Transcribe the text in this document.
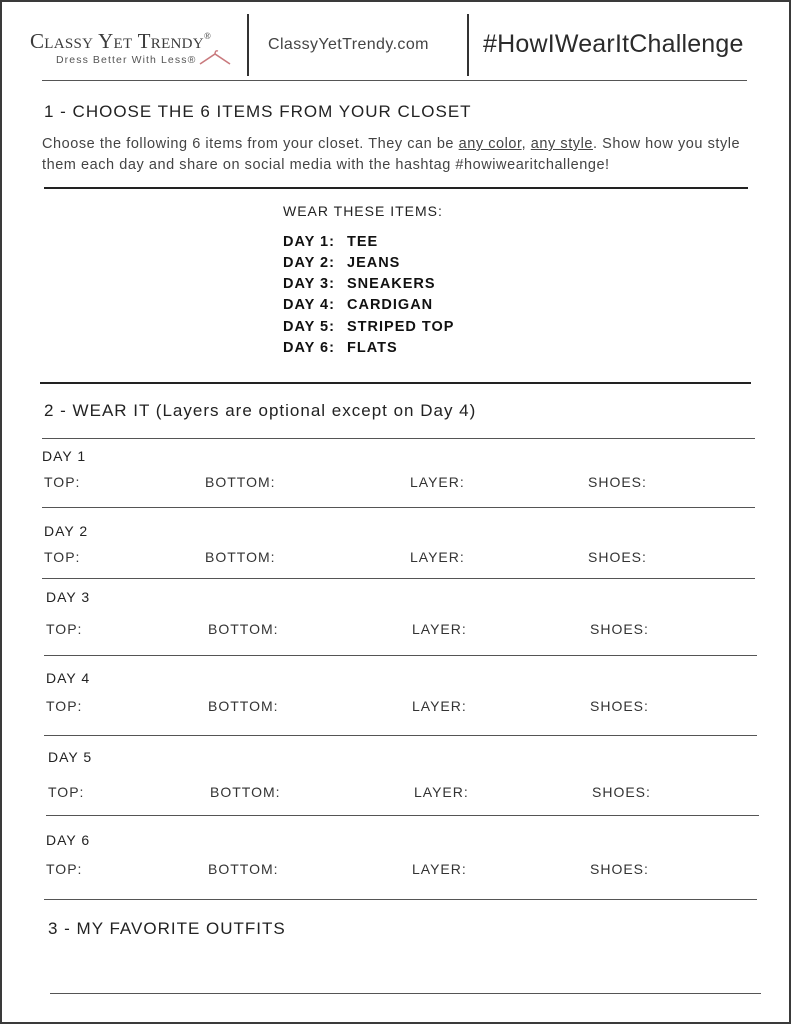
Classy Yet Trendy®
Dress Better With Less®
ClassyYetTrendy.com #HowIWearItChallenge
1 - CHOOSE THE 6 ITEMS FROM YOUR CLOSET
Choose the following 6 items from your closet. They can be any color, any style. Show how you style them each day and share on social media with the hashtag #howiwearitchallenge!
WEAR THESE ITEMS:
DAY 1: TEE
DAY 2: JEANS
DAY 3: SNEAKERS
DAY 4: CARDIGAN
DAY 5: STRIPED TOP
DAY 6: FLATS
2 - WEAR IT (Layers are optional except on Day 4)
DAY 1
TOP:	BOTTOM:	LAYER:	SHOES:
DAY 2
TOP:	BOTTOM:	LAYER:	SHOES:
DAY 3
TOP:	BOTTOM:	LAYER:	SHOES:
DAY 4
TOP:	BOTTOM:	LAYER:	SHOES:
DAY 5
TOP:	BOTTOM:	LAYER:	SHOES:
DAY 6
TOP:	BOTTOM:	LAYER:	SHOES:
3 - MY FAVORITE OUTFITS
